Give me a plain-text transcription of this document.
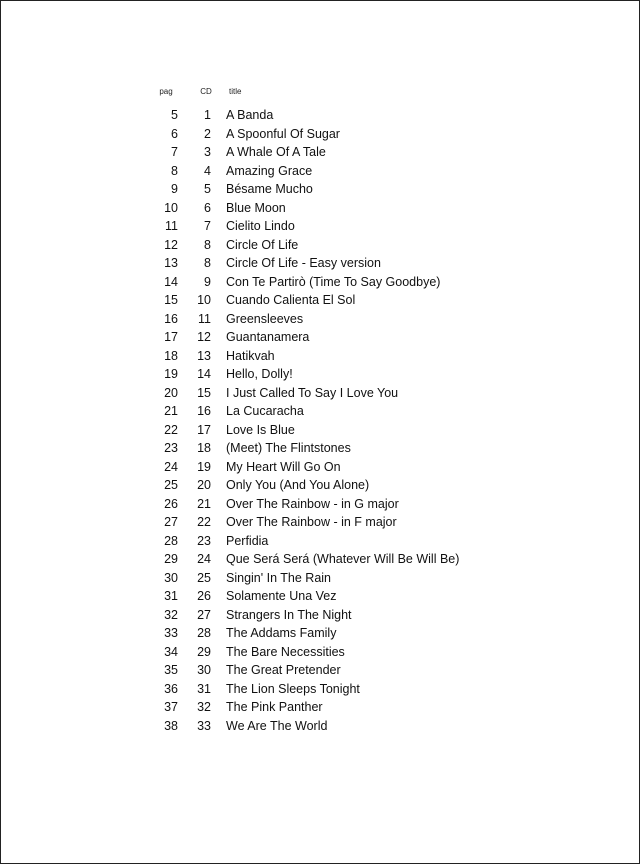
pag	CD	title
5	1 A Banda
6	2 A Spoonful Of Sugar
7	3 A Whale Of A Tale
8	4 Amazing Grace
9	5 Bésame Mucho
10	6 Blue Moon
11	7 Cielito Lindo
12	8 Circle Of Life
13	8 Circle Of Life - Easy version
14	9 Con Te Partirò (Time To Say Goodbye)
15	10 Cuando Calienta El Sol
16	11 Greensleeves
17	12 Guantanamera
18	13 Hatikvah
19	14 Hello, Dolly!
20	15 I Just Called To Say I Love You
21	16 La Cucaracha
22	17 Love Is Blue
23	18 (Meet) The Flintstones
24	19 My Heart Will Go On
25	20 Only You (And You Alone)
26	21 Over The Rainbow - in G major
27	22 Over The Rainbow - in F major
28	23 Perfidia
29	24 Que Será Será (Whatever Will Be Will Be)
30	25 Singin' In The Rain
31	26 Solamente Una Vez
32	27 Strangers In The Night
33	28 The Addams Family
34	29 The Bare Necessities
35	30 The Great Pretender
36	31 The Lion Sleeps Tonight
37	32 The Pink Panther
38	33 We Are The World
